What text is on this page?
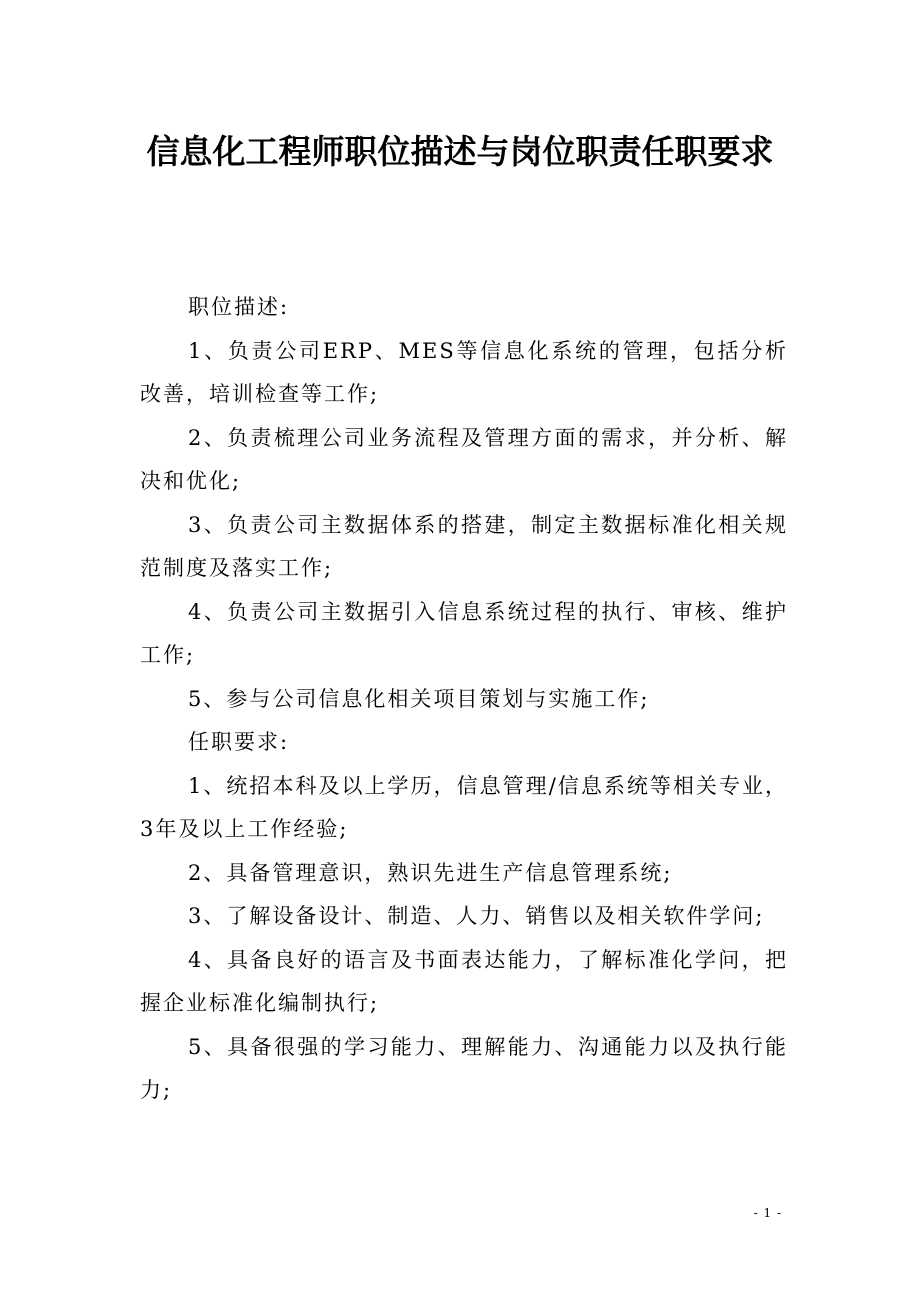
信息化工程师职位描述与岗位职责任职要求

职位描述:

1、负责公司ERP、MES等信息化系统的管理，包括分析改善，培训检查等工作;

2、负责梳理公司业务流程及管理方面的需求，并分析、解决和优化;

3、负责公司主数据体系的搭建，制定主数据标准化相关规范制度及落实工作;

4、负责公司主数据引入信息系统过程的执行、审核、维护工作;

5、参与公司信息化相关项目策划与实施工作;

任职要求:

1、统招本科及以上学历，信息管理/信息系统等相关专业，3年及以上工作经验;

2、具备管理意识，熟识先进生产信息管理系统;

3、了解设备设计、制造、人力、销售以及相关软件学问;

4、具备良好的语言及书面表达能力，了解标准化学问，把握企业标准化编制执行;

5、具备很强的学习能力、理解能力、沟通能力以及执行能力;

- 1 -
